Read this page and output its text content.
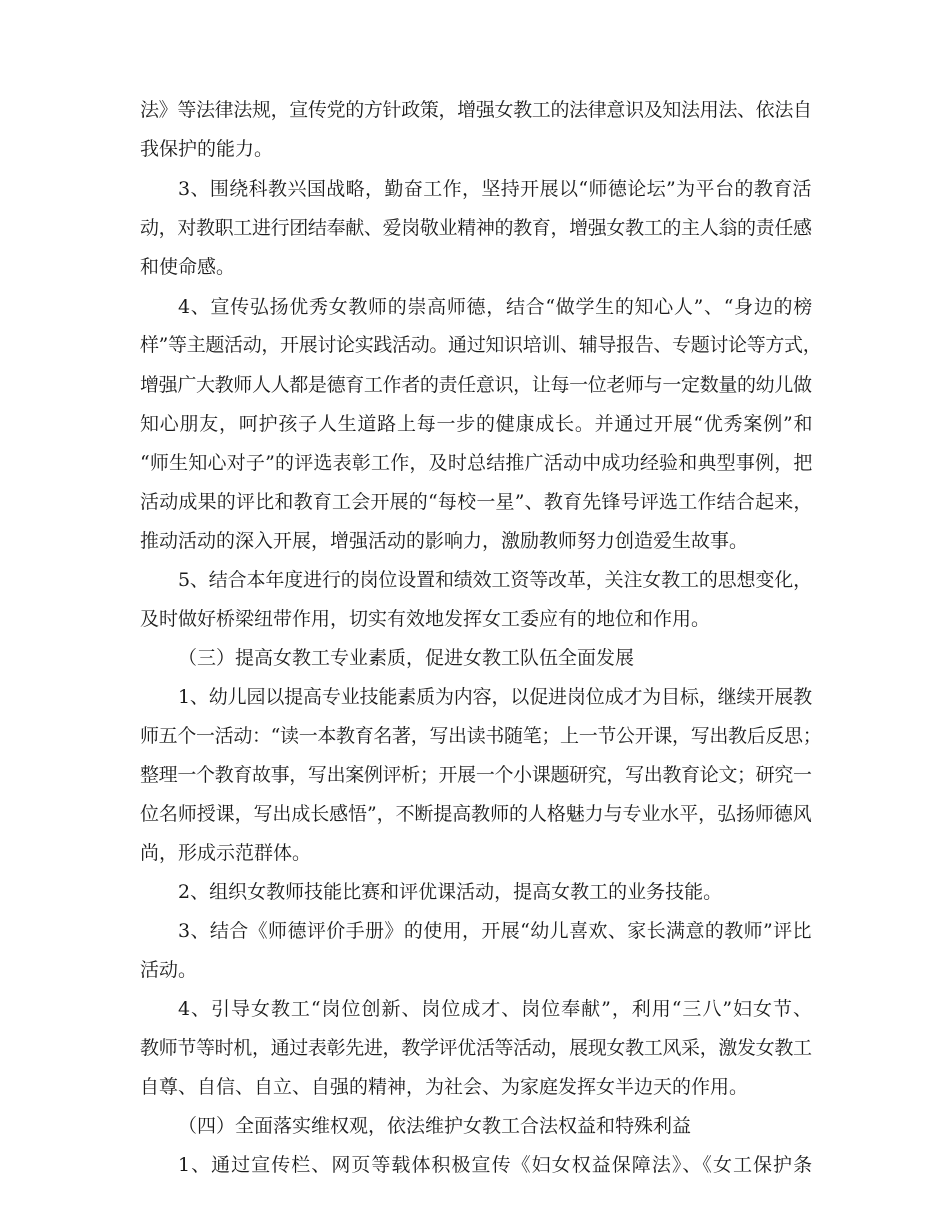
法》等法律法规，宣传党的方针政策，增强女教工的法律意识及知法用法、依法自
我保护的能力。
3、围绕科教兴国战略，勤奋工作，坚持开展以“师德论坛”为平台的教育活
动，对教职工进行团结奉献、爱岗敬业精神的教育，增强女教工的主人翁的责任感
和使命感。
4、宣传弘扬优秀女教师的崇高师德，结合“做学生的知心人”、“身边的榜
样”等主题活动，开展讨论实践活动。通过知识培训、辅导报告、专题讨论等方式，
增强广大教师人人都是德育工作者的责任意识，让每一位老师与一定数量的幼儿做
知心朋友，呵护孩子人生道路上每一步的健康成长。并通过开展“优秀案例”和
“师生知心对子”的评选表彰工作，及时总结推广活动中成功经验和典型事例，把
活动成果的评比和教育工会开展的“每校一星”、教育先锋号评选工作结合起来，
推动活动的深入开展，增强活动的影响力，激励教师努力创造爱生故事。
5、结合本年度进行的岗位设置和绩效工资等改革，关注女教工的思想变化，
及时做好桥梁纽带作用，切实有效地发挥女工委应有的地位和作用。
（三）提高女教工专业素质，促进女教工队伍全面发展
1、幼儿园以提高专业技能素质为内容，以促进岗位成才为目标，继续开展教
师五个一活动：“读一本教育名著，写出读书随笔；上一节公开课，写出教后反思；
整理一个教育故事，写出案例评析；开展一个小课题研究，写出教育论文；研究一
位名师授课，写出成长感悟”，不断提高教师的人格魅力与专业水平，弘扬师德风
尚，形成示范群体。
2、组织女教师技能比赛和评优课活动，提高女教工的业务技能。
3、结合《师德评价手册》的使用，开展“幼儿喜欢、家长满意的教师”评比
活动。
4、引导女教工“岗位创新、岗位成才、岗位奉献”，利用“三八”妇女节、
教师节等时机，通过表彰先进，教学评优活等活动，展现女教工风采，激发女教工
自尊、自信、自立、自强的精神，为社会、为家庭发挥女半边天的作用。
（四）全面落实维权观，依法维护女教工合法权益和特殊利益
1、通过宣传栏、网页等载体积极宣传《妇女权益保障法》、《女工保护条
